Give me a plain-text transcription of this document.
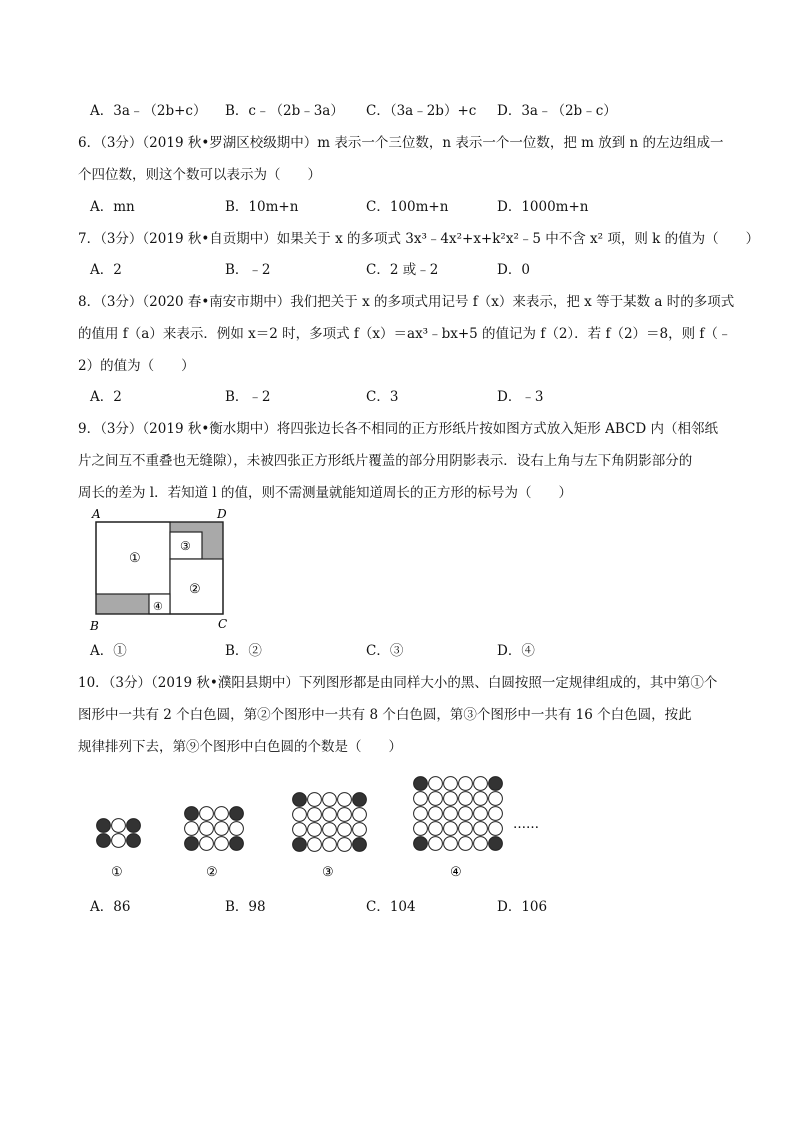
A．3a﹣（2b+c） B．c﹣（2b﹣3a） C．（3a﹣2b）+c D．3a﹣（2b﹣c）
6．（3分）（2019 秋•罗湖区校级期中）m 表示一个三位数，n 表示一个一位数，把 m 放到 n 的左边组成一
个四位数，则这个数可以表示为（　　）
A．mn	B．10m+n	C．100m+n	D．1000m+n
7．（3分）（2019 秋•自贡期中）如果关于 x 的多项式 3x³﹣4x²+x+k²x²﹣5 中不含 x² 项，则 k 的值为（　　）
A．2	B．﹣2	C．2 或﹣2	D．0
8．（3分）（2020 春•南安市期中）我们把关于 x 的多项式用记号 f（x）来表示，把 x 等于某数 a 时的多项式
的值用 f（a）来表示．例如 x＝2 时，多项式 f（x）＝ax³﹣bx+5 的值记为 f（2）．若 f（2）＝8，则 f（﹣
2）的值为（　　）
A．2	B．﹣2	C．3	D．﹣3
9．（3分）（2019 秋•衡水期中）将四张边长各不相同的正方形纸片按如图方式放入矩形 ABCD 内（相邻纸
片之间互不重叠也无缝隙），未被四张正方形纸片覆盖的部分用阴影表示．设右上角与左下角阴影部分的
周长的差为 l．若知道 l 的值，则不需测量就能知道周长的正方形的标号为（　　）
①
③
②
④
A	D
B	C
A．①	B．②	C．③	D．④
10．（3分）（2019 秋•濮阳县期中）下列图形都是由同样大小的黑、白圆按照一定规律组成的，其中第①个
图形中一共有 2 个白色圆，第②个图形中一共有 8 个白色圆，第③个图形中一共有 16 个白色圆，按此
规律排列下去，第⑨个图形中白色圆的个数是（　　）
……
①	②	③	④
A．86	B．98	C．104	D．106
